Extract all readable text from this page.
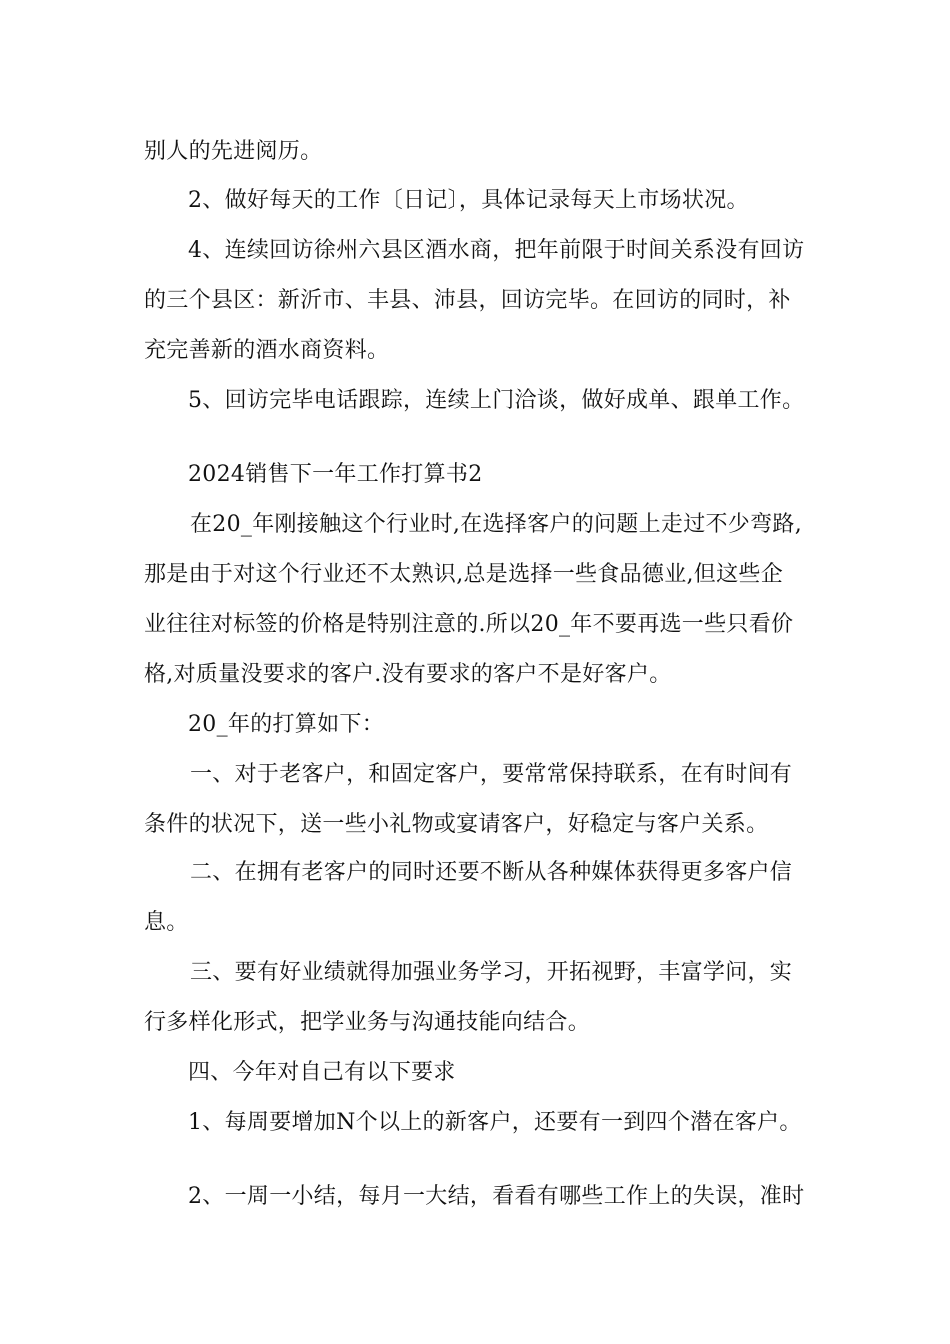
别人的先进阅历。
2、做好每天的工作〔日记〕，具体记录每天上市场状况。
4、连续回访徐州六县区酒水商，把年前限于时间关系没有回访
的三个县区：新沂市、丰县、沛县，回访完毕。在回访的同时，补
充完善新的酒水商资料。
5、回访完毕电话跟踪，连续上门洽谈，做好成单、跟单工作。
2024销售下一年工作打算书2
在20_年刚接触这个行业时,在选择客户的问题上走过不少弯路,
那是由于对这个行业还不太熟识,总是选择一些食品德业,但这些企
业往往对标签的价格是特别注意的.所以20_年不要再选一些只看价
格,对质量没要求的客户.没有要求的客户不是好客户。
20_年的打算如下：
一、对于老客户，和固定客户，要常常保持联系，在有时间有
条件的状况下，送一些小礼物或宴请客户，好稳定与客户关系。
二、在拥有老客户的同时还要不断从各种媒体获得更多客户信
息。
三、要有好业绩就得加强业务学习，开拓视野，丰富学问，实
行多样化形式，把学业务与沟通技能向结合。
四、今年对自己有以下要求
1、每周要增加N个以上的新客户，还要有一到四个潜在客户。
2、一周一小结，每月一大结，看看有哪些工作上的失误，准时
